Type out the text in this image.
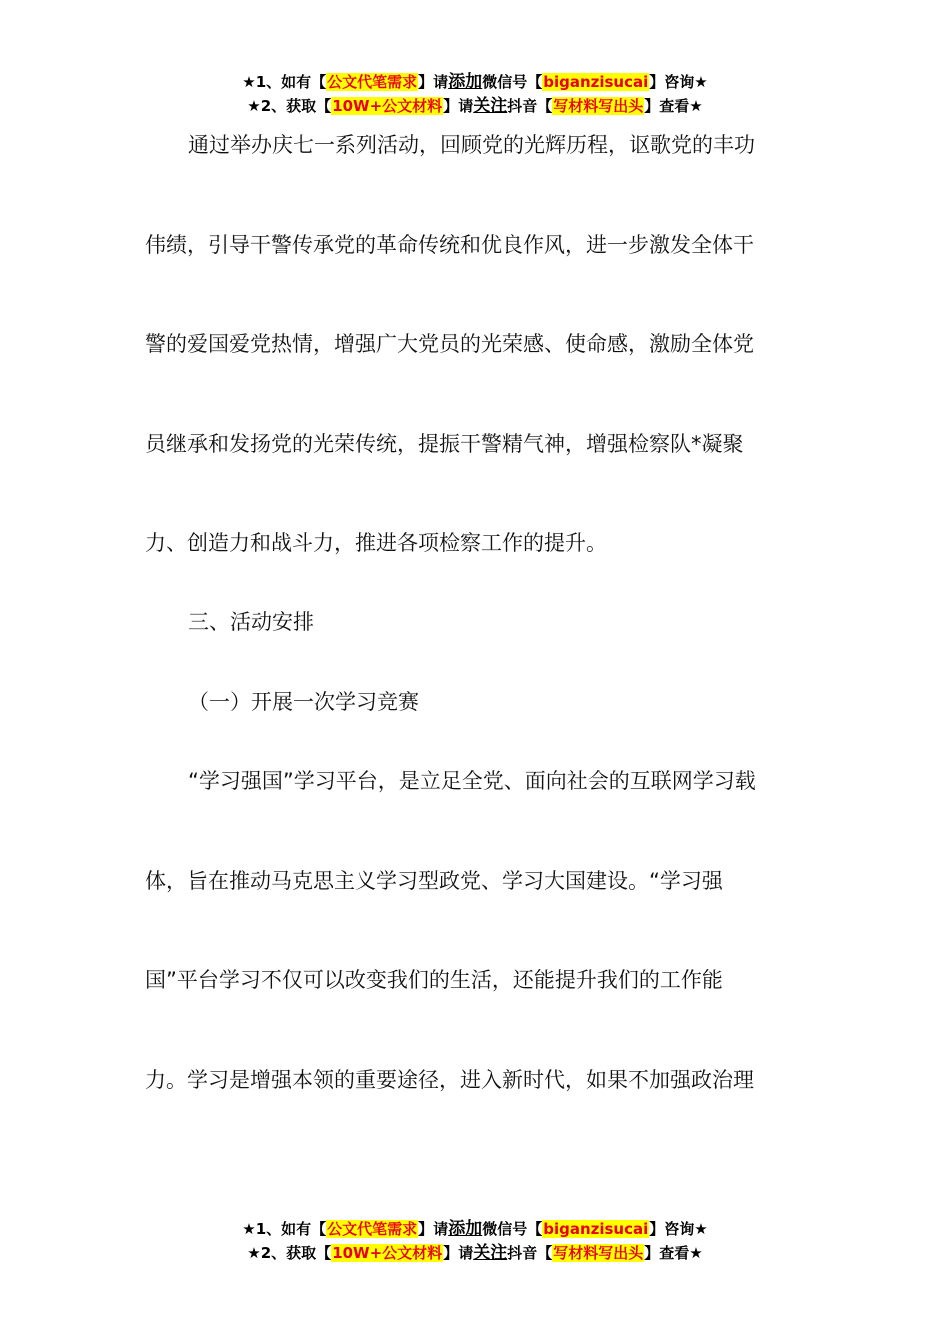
★1、如有【公文代笔需求】请添加微信号【biganzisucai】咨询★
★2、获取【10W+公文材料】请关注抖音【写材料写出头】查看★
通过举办庆七一系列活动，回顾党的光辉历程，讴歌党的丰功
伟绩，引导干警传承党的革命传统和优良作风，进一步激发全体干
警的爱国爱党热情，增强广大党员的光荣感、使命感，激励全体党
员继承和发扬党的光荣传统，提振干警精气神，增强检察队*凝聚
力、创造力和战斗力，推进各项检察工作的提升。
三、活动安排
（一）开展一次学习竞赛
“学习强国”学习平台，是立足全党、面向社会的互联网学习载
体，旨在推动马克思主义学习型政党、学习大国建设。“学习强
国”平台学习不仅可以改变我们的生活，还能提升我们的工作能
力。学习是增强本领的重要途径，进入新时代，如果不加强政治理
★1、如有【公文代笔需求】请添加微信号【biganzisucai】咨询★
★2、获取【10W+公文材料】请关注抖音【写材料写出头】查看★
